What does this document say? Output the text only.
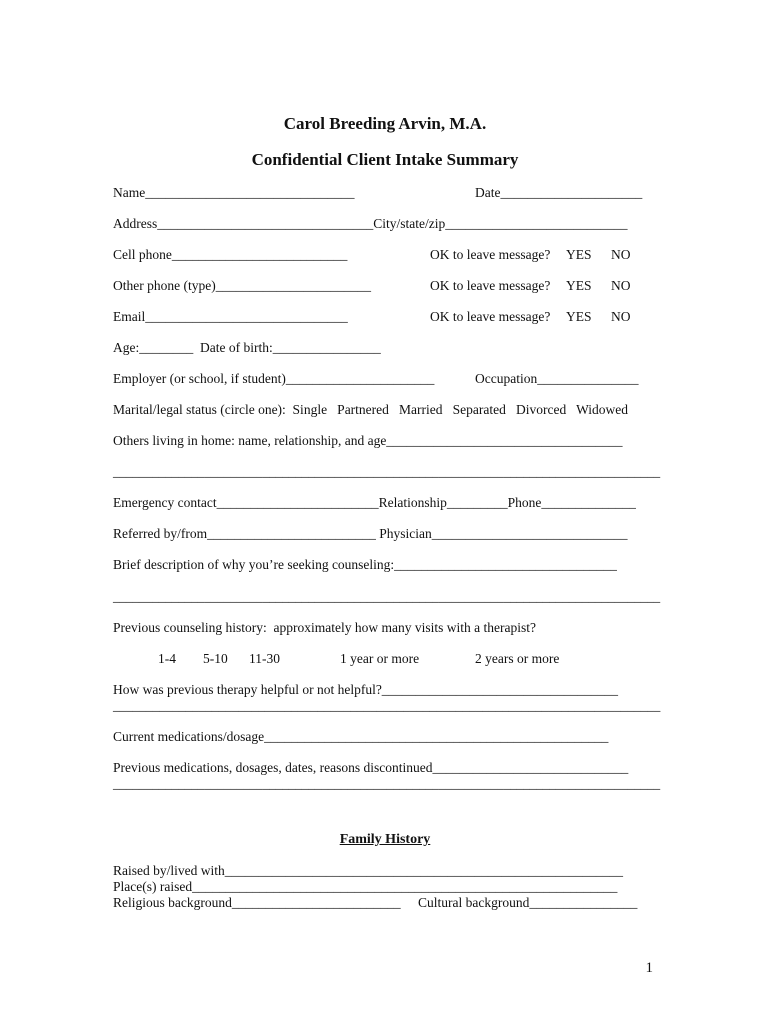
Carol Breeding Arvin, M.A.
Confidential Client Intake Summary
Name_______________________________	Date_____________________
Address________________________________City/state/zip___________________________
Cell phone__________________________	OK to leave message? YES NO
Other phone (type)_______________________	OK to leave message? YES NO
Email______________________________	OK to leave message? YES NO
Age:________  Date of birth:________________
Employer (or school, if student)______________________	Occupation_______________
Marital/legal status (circle one):  Single   Partnered   Married   Separated   Divorced   Widowed
Others living in home: name, relationship, and age___________________________________
____________________________________________________________________________________
Emergency contact________________________Relationship_________Phone______________
Referred by/from_________________________ Physician_____________________________
Brief description of why you’re seeking counseling:_________________________________
____________________________________________________________________________________
Previous counseling history:  approximately how many visits with a therapist?
1-4 5-10 11-30	1 year or more	2 years or more
How was previous therapy helpful or not helpful?___________________________________
___________________________________________________________________________________
Current medications/dosage___________________________________________________
Previous medications, dosages, dates, reasons discontinued_____________________________
____________________________________________________________________________________
Family History
Raised by/lived with___________________________________________________________
Place(s) raised_______________________________________________________________
Religious background_________________________ Cultural background________________
1
